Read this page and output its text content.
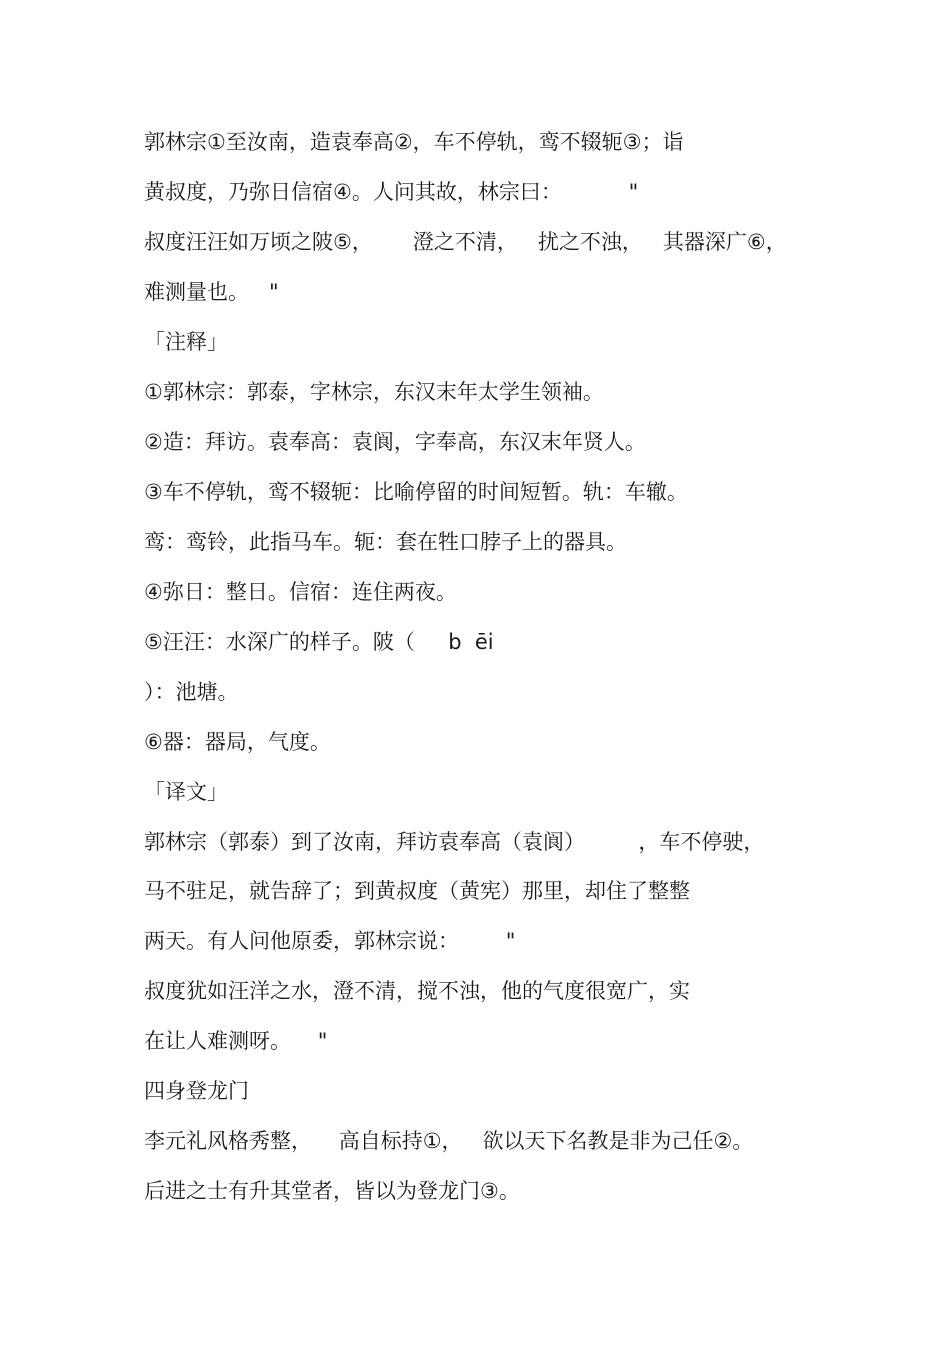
郭林宗①至汝南，造袁奉高②，车不停轨，鸾不辍轭③；诣
黄叔度，乃弥日信宿④。人问其故，林宗曰：          "
叔度汪汪如万顷之陂⑤，      澄之不清，   扰之不浊，   其器深广⑥，
难测量也。   "
「注释」
①郭林宗：郭泰，字林宗，东汉末年太学生领袖。
②造：拜访。袁奉高：袁阆，字奉高，东汉末年贤人。
③车不停轨，鸾不辍轭：比喻停留的时间短暂。轨：车辙。
鸾：鸾铃，此指马车。轭：套在牲口脖子上的器具。
④弥日：整日。信宿：连住两夜。
⑤汪汪：水深广的样子。陂（     b  ēi
）：池塘。
⑥器：器局，气度。
「译文」
郭林宗（郭泰）到了汝南，拜访袁奉高（袁阆）        ，车不停驶，
马不驻足，就告辞了；到黄叔度（黄宪）那里，却住了整整
两天。有人问他原委，郭林宗说：       "
叔度犹如汪洋之水，澄不清，搅不浊，他的气度很宽广，实
在让人难测呀。    "
四身登龙门
李元礼风格秀整，    高自标持①，   欲以天下名教是非为己任②。
后进之士有升其堂者，皆以为登龙门③。
